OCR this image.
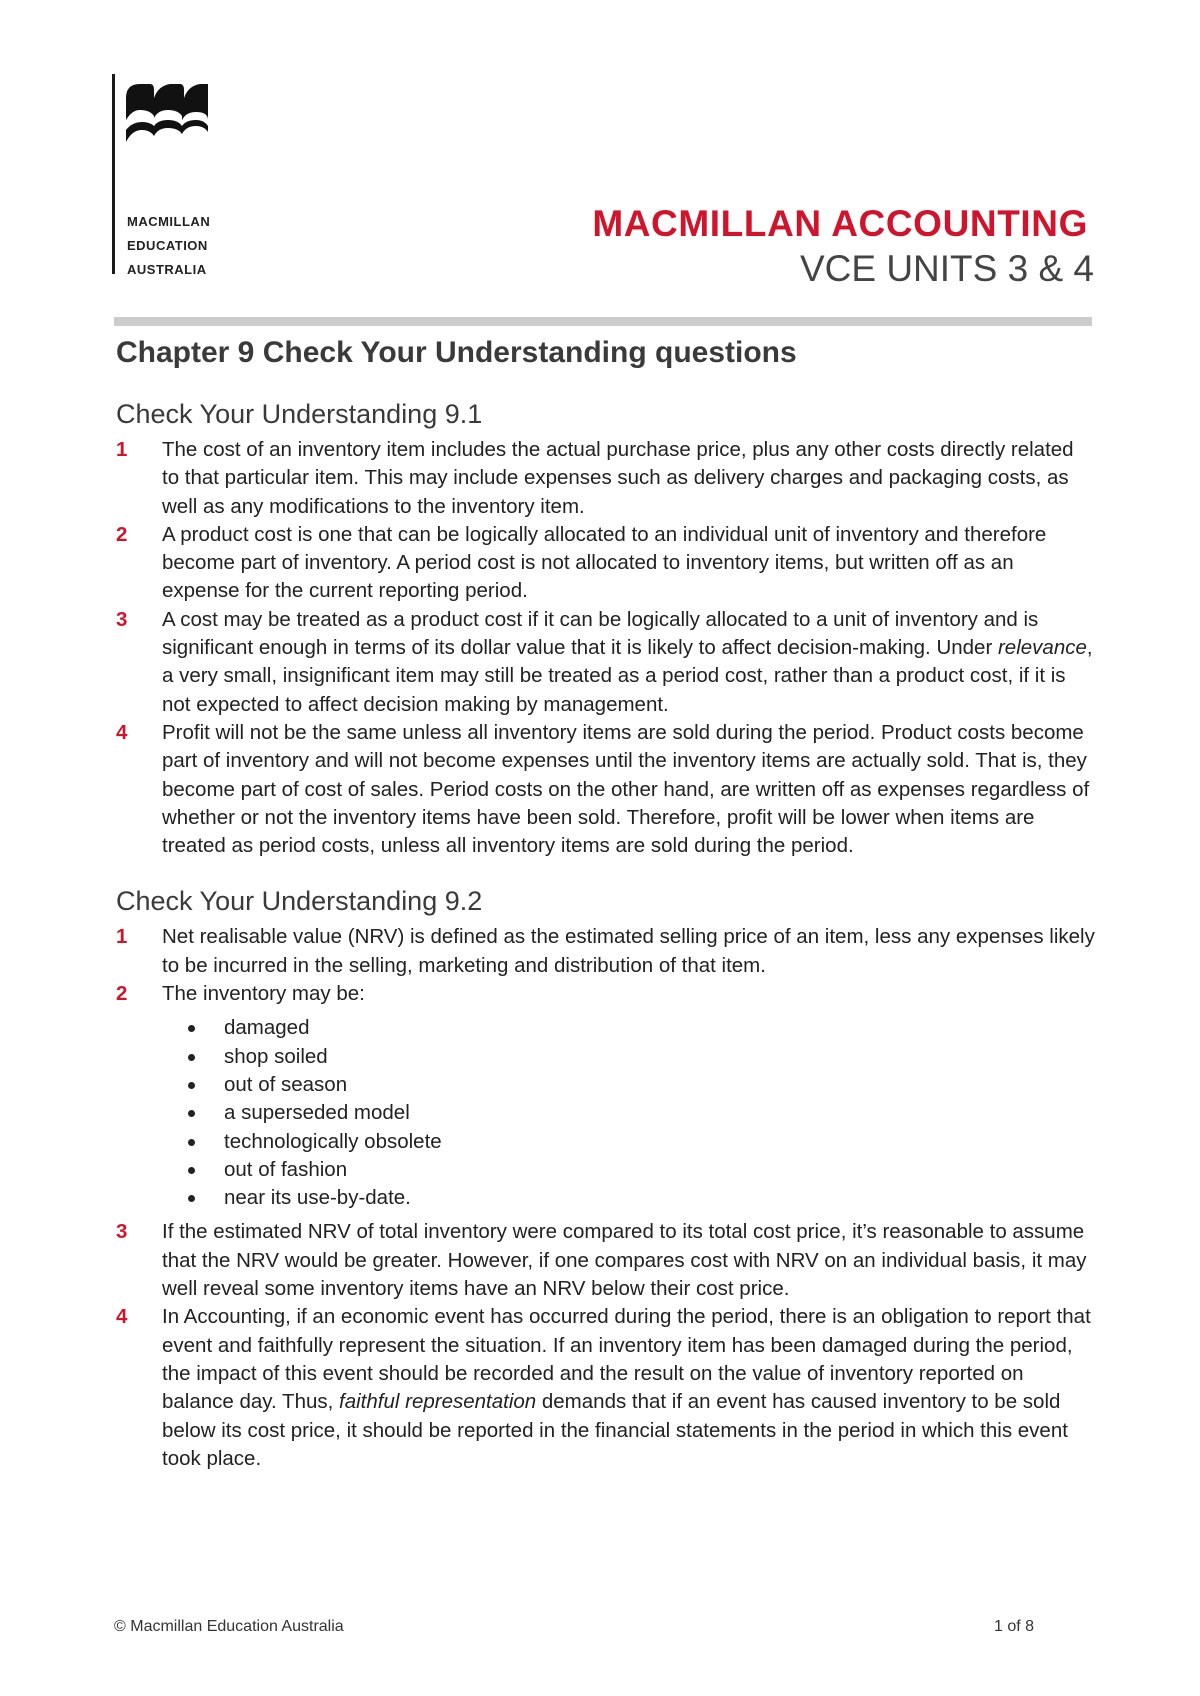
MACMILLAN
EDUCATION
AUSTRALIA
MACMILLAN ACCOUNTING
VCE UNITS 3 & 4
Chapter 9 Check Your Understanding questions
Check Your Understanding 9.1
1 The cost of an inventory item includes the actual purchase price, plus any other costs directly related to that particular item. This may include expenses such as delivery charges and packaging costs, as well as any modifications to the inventory item.
2 A product cost is one that can be logically allocated to an individual unit of inventory and therefore become part of inventory. A period cost is not allocated to inventory items, but written off as an expense for the current reporting period.
3 A cost may be treated as a product cost if it can be logically allocated to a unit of inventory and is significant enough in terms of its dollar value that it is likely to affect decision-making. Under relevance, a very small, insignificant item may still be treated as a period cost, rather than a product cost, if it is not expected to affect decision making by management.
4 Profit will not be the same unless all inventory items are sold during the period. Product costs become part of inventory and will not become expenses until the inventory items are actually sold. That is, they become part of cost of sales. Period costs on the other hand, are written off as expenses regardless of whether or not the inventory items have been sold. Therefore, profit will be lower when items are treated as period costs, unless all inventory items are sold during the period.
Check Your Understanding 9.2
1 Net realisable value (NRV) is defined as the estimated selling price of an item, less any expenses likely to be incurred in the selling, marketing and distribution of that item.
2 The inventory may be:
damaged
shop soiled
out of season
a superseded model
technologically obsolete
out of fashion
near its use-by-date.
3 If the estimated NRV of total inventory were compared to its total cost price, it’s reasonable to assume that the NRV would be greater. However, if one compares cost with NRV on an individual basis, it may well reveal some inventory items have an NRV below their cost price.
4 In Accounting, if an economic event has occurred during the period, there is an obligation to report that event and faithfully represent the situation. If an inventory item has been damaged during the period, the impact of this event should be recorded and the result on the value of inventory reported on balance day. Thus, faithful representation demands that if an event has caused inventory to be sold below its cost price, it should be reported in the financial statements in the period in which this event took place.
© Macmillan Education Australia	1 of 8
